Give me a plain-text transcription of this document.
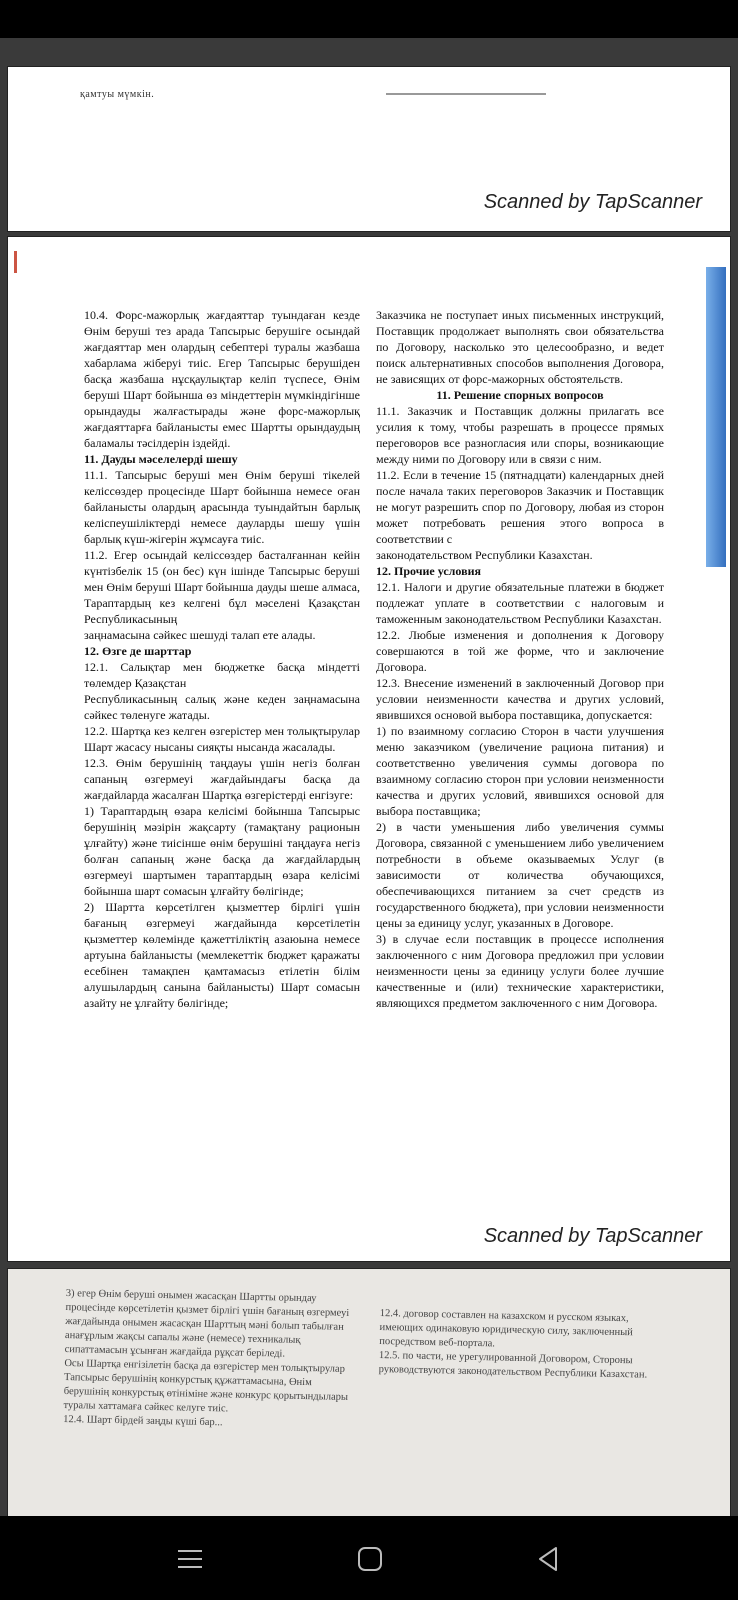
қамтуы мүмкін.
Scanned by TapScanner

10.4. Форс-мажорлық жағдаяттар туындаған кезде Өнім беруші тез арада Тапсырыс берушіге осындай жағдаяттар мен олардың себептері туралы жазбаша хабарлама жіберуі тиіс. Егер Тапсырыс берушіден басқа жазбаша нұсқаулықтар келіп түспесе, Өнім беруші Шарт бойынша өз міндеттерін мүмкіндігінше орындауды жалғастырады және форс-мажорлық жағдаяттарға байланысты емес Шартты орындаудың баламалы тәсілдерін іздейді.

11. Дауды мәселелерді шешу

11.1. Тапсырыс беруші мен Өнім беруші тікелей келіссөздер процесінде Шарт бойынша немесе оған байланысты олардың арасында туындайтын барлық келіспеушіліктерді немесе дауларды шешу үшін барлық күш-жігерін жұмсауға тиіс.

11.2. Егер осындай келіссөздер басталғаннан кейін күнтізбелік 15 (он бес) күн ішінде Тапсырыс беруші мен Өнім беруші Шарт бойынша дауды шеше алмаса, Тараптардың кез келгені бұл мәселені Қазақстан Республикасының

заңнамасына сәйкес шешуді талап ете алады.

12. Өзге де шарттар

12.1. Салықтар мен бюджетке басқа міндетті төлемдер Қазақстан

Республикасының салық және кеден заңнамасына сәйкес төленуге жатады.

12.2. Шартқа кез келген өзгерістер мен толықтырулар Шарт жасасу нысаны сияқты нысанда жасалады.

12.3. Өнім берушінің таңдауы үшін негіз болған сапаның өзгермеуі жағдайындағы басқа да жағдайларда жасалған Шартқа өзгерістерді енгізуге:

1) Тараптардың өзара келісімі бойынша Тапсырыс берушінің мәзірін жақсарту (тамақтану рационын ұлғайту) және тиісінше өнім берушіні таңдауға негіз болған сапаның және басқа да жағдайлардың өзгермеуі шартымен тараптардың өзара келісімі бойынша шарт сомасын ұлғайту бөлігінде;

2) Шартта көрсетілген қызметтер бірлігі үшін бағаның өзгермеуі жағдайында көрсетілетін қызметтер көлемінде қажеттіліктің азаюына немесе артуына байланысты (мемлекеттік бюджет қаражаты есебінен тамақпен қамтамасыз етілетін білім алушылардың санына байланысты) Шарт сомасын азайту не ұлғайту бөлігінде;

Заказчика не поступает иных письменных инструкций, Поставщик продолжает выполнять свои обязательства по Договору, насколько это целесообразно, и ведет поиск альтернативных способов выполнения Договора, не зависящих от форс-мажорных обстоятельств.

11. Решение спорных вопросов

11.1. Заказчик и Поставщик должны прилагать все усилия к тому, чтобы разрешать в процессе прямых переговоров все разногласия или споры, возникающие между ними по Договору или в связи с ним.

11.2. Если в течение 15 (пятнадцати) календарных дней после начала таких переговоров Заказчик и Поставщик не могут разрешить спор по Договору, любая из сторон может потребовать решения этого вопроса в соответствии с

законодательством Республики Казахстан.

12. Прочие условия

12.1. Налоги и другие обязательные платежи в бюджет подлежат уплате в соответствии с налоговым и таможенным законодательством Республики Казахстан.

12.2. Любые изменения и дополнения к Договору совершаются в той же форме, что и заключение Договора.

12.3. Внесение изменений в заключенный Договор при условии неизменности качества и других условий, явившихся основой выбора поставщика, допускается:

1) по взаимному согласию Сторон в части улучшения меню заказчиком (увеличение рациона питания) и соответственно увеличения суммы договора по взаимному согласию сторон при условии неизменности качества и других условий, явившихся основой для выбора поставщика;

2) в части уменьшения либо увеличения суммы Договора, связанной с уменьшением либо увеличением потребности в объеме оказываемых Услуг (в зависимости от количества обучающихся, обеспечивающихся питанием за счет средств из государственного бюджета), при условии неизменности цены за единицу услуг, указанных в Договоре.

3) в случае если поставщик в процессе исполнения заключенного с ним Договора предложил при условии неизменности цены за единицу услуги более лучшие качественные и (или) технические характеристики, являющихся предметом заключенного с ним Договора.

Scanned by TapScanner

3) егер Өнім беруші онымен жасасқан Шартты орындау процесінде көрсетілетін қызмет бірлігі үшін бағаның өзгермеуі жағдайында онымен жасасқан Шарттың мәні болып табылған анағұрлым жақсы сапалы және (немесе) техникалық сипаттамасын ұсынған жағдайда рұқсат беріледі.

Осы Шартқа енгізілетін басқа да өзгерістер мен толықтырулар Тапсырыс берушінің конкурстық құжаттамасына, Өнім берушінің конкурстық өтініміне және конкурс қорытындылары туралы хаттамаға сәйкес келуге тиіс.

12.4. Шарт бірдей заңды күші бар...

12.4. договор составлен на казахском и русском языках, имеющих одинаковую юридическую силу, заключенный посредством веб-портала.

12.5. по части, не урегулированной Договором, Стороны руководствуются законодательством Республики Казахстан.
